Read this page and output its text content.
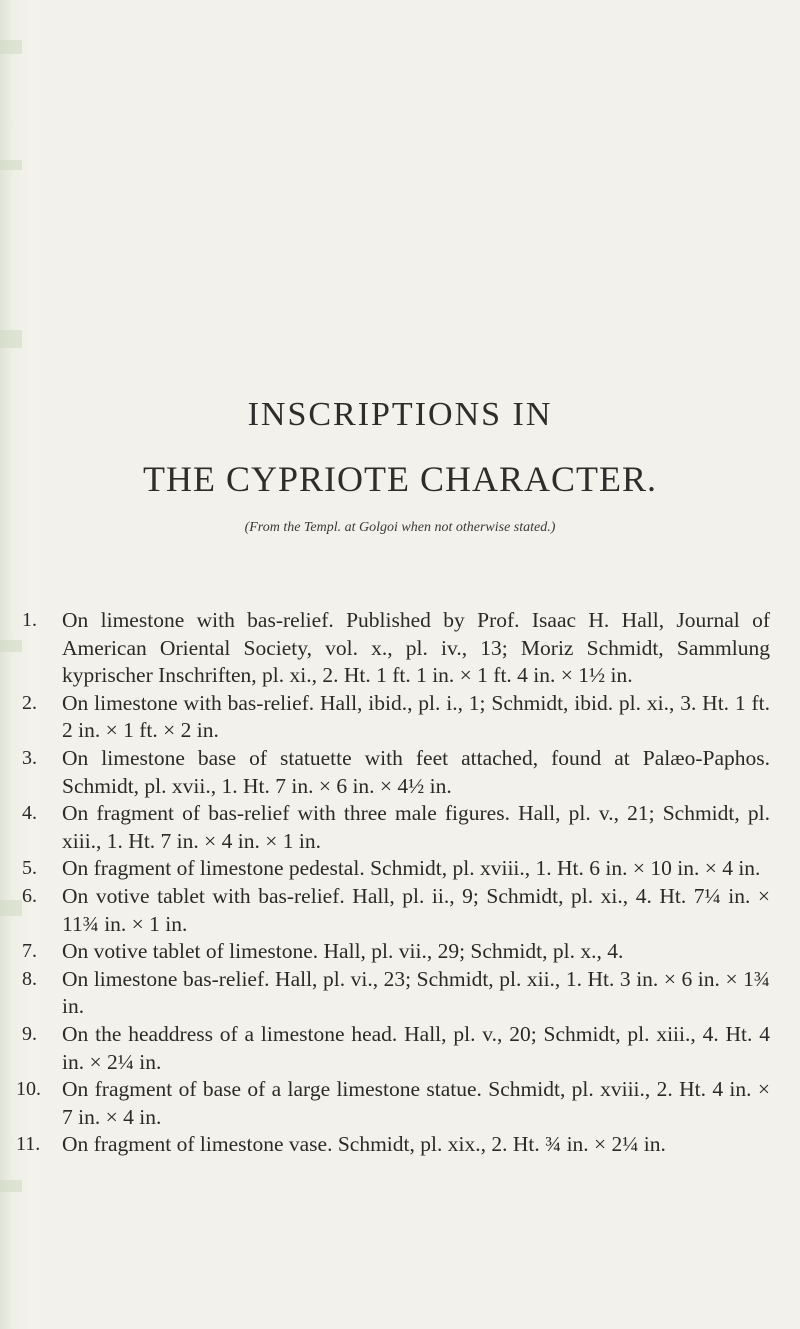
INSCRIPTIONS IN
THE CYPRIOTE CHARACTER.
(From the Templ. at Golgoi when not otherwise stated.)
1.	On limestone with bas-relief. Published by Prof. Isaac H. Hall, Journal of American Oriental Society, vol. x., pl. iv., 13; Moriz Schmidt, Sammlung kyprischer Inschriften, pl. xi., 2. Ht. 1 ft. 1 in. × 1 ft. 4 in. × 1½ in.
2.	On limestone with bas-relief. Hall, ibid., pl. i., 1; Schmidt, ibid. pl. xi., 3. Ht. 1 ft. 2 in. × 1 ft. × 2 in.
3.	On limestone base of statuette with feet attached, found at Palæo-Paphos. Schmidt, pl. xvii., 1. Ht. 7 in. × 6 in. × 4½ in.
4.	On fragment of bas-relief with three male figures. Hall, pl. v., 21; Schmidt, pl. xiii., 1. Ht. 7 in. × 4 in. × 1 in.
5.	On fragment of limestone pedestal. Schmidt, pl. xviii., 1. Ht. 6 in. × 10 in. × 4 in.
6.	On votive tablet with bas-relief. Hall, pl. ii., 9; Schmidt, pl. xi., 4. Ht. 7¼ in. × 11¾ in. × 1 in.
7.	On votive tablet of limestone. Hall, pl. vii., 29; Schmidt, pl. x., 4.
8.	On limestone bas-relief. Hall, pl. vi., 23; Schmidt, pl. xii., 1. Ht. 3 in. × 6 in. × 1¾ in.
9.	On the headdress of a limestone head. Hall, pl. v., 20; Schmidt, pl. xiii., 4. Ht. 4 in. × 2¼ in.
10. On fragment of base of a large limestone statue. Schmidt, pl. xviii., 2. Ht. 4 in. × 7 in. × 4 in.
11.	On fragment of limestone vase. Schmidt, pl. xix., 2. Ht. ¾ in. × 2¼ in.
